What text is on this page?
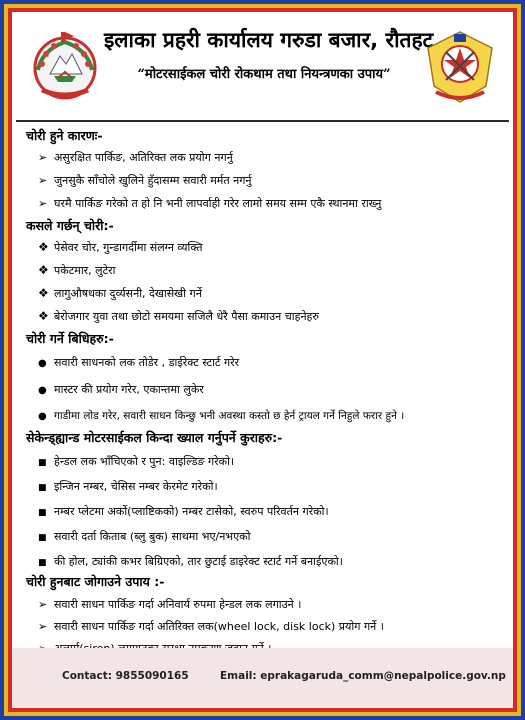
इलाका प्रहरी कार्यालय गरुडा बजार, रौतहट
“मोटरसाईकल चोरी रोकथाम तथा नियन्त्रणका उपाय”
चोरी हुने कारणः-
➢ असुरक्षित पार्किङ, अतिरिक्त लक प्रयोग नगर्नु
➢ जुनसुकै साँचोले खुलिने हुँदासम्म सवारी मर्मत नगर्नु
➢ घरमै पार्किङ गरेको त हो नि भनी लापर्वाही गरेर लामो समय सम्म एकै स्थानमा राख्नु
कसले गर्छन् चोरी:-
❖ पेसेवर चोर, गुन्डागर्दीमा संलग्न व्यक्ति
❖ पकेटमार, लुटेरा
❖ लागुऔषधका दुर्व्यसनी, देखासेखी गर्ने
❖ बेरोजगार युवा तथा छोटो समयमा सजिलै धेरै पैसा कमाउन चाहनेहरु
चोरी गर्ने बिधिहरु:-
● सवारी साधनको लक तोडेर , डाईरेक्ट स्टार्ट गरेर
● मास्टर की प्रयोग गरेर, एकान्तमा लुकेर
● गाडीमा लोड गरेर, सवारी साधन किन्छु भनी अवस्था कस्तो छ हेर्न ट्रायल गर्ने निहुले फरार हुने ।
सेकेन्ड्ह्यान्ड मोटरसाईकल किन्दा ख्याल गर्नुपर्ने कुराहरु:-
■ हेन्डल लक भाँचिएको र पुन: वाइल्डिङ गरेको।
■ इन्जिन नम्बर, चेसिस नम्बर केरमेट गरेको।
■ नम्बर प्लेटमा अर्को(प्लाष्टिकको) नम्बर टासेको, स्वरुप परिवर्तन गरेको।
■ सवारी दर्ता किताब (ब्लु बुक) साथमा भए/नभएको
■ की होल, ट्यांकी कभर बिग्रिएको, तार छुटाई डाइरेक्ट स्टार्ट गर्ने बनाईएको।
चोरी हुनबाट जोगाउने उपाय :-
➢ सवारी साधन पार्किङ गर्दा अनिवार्य रुपमा हेन्डल लक लगाउने ।
➢ सवारी साधन पार्किङ गर्दा अतिरिक्त लक(wheel lock, disk lock) प्रयोग गर्ने ।
Contact: 9855090165	Email: eprakagaruda_comm@nepalpolice.gov.np
